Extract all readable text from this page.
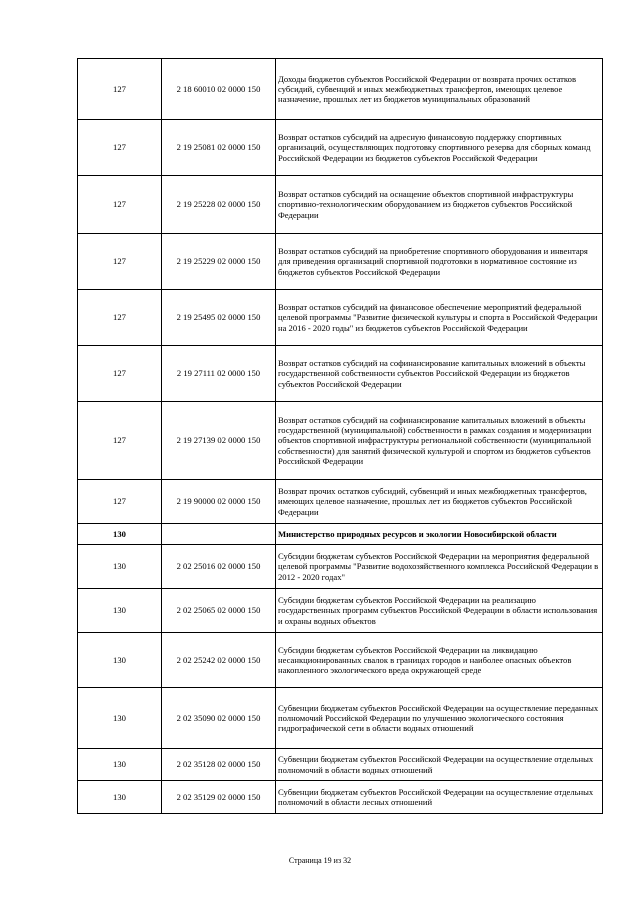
127	2 18 60010 02 0000 150	Доходы бюджетов субъектов Российской Федерации от возврата прочих остатков субсидий, субвенций и иных межбюджетных трансфертов, имеющих целевое назначение, прошлых лет из бюджетов муниципальных образований
127	2 19 25081 02 0000 150	Возврат остатков субсидий на адресную финансовую поддержку спортивных организаций, осуществляющих подготовку спортивного резерва для сборных команд Российской Федерации из бюджетов субъектов Российской Федерации
127	2 19 25228 02 0000 150	Возврат остатков субсидий на оснащение объектов спортивной инфраструктуры спортивно-технологическим оборудованием из бюджетов субъектов Российской Федерации
127	2 19 25229 02 0000 150	Возврат остатков субсидий на приобретение спортивного оборудования и инвентаря для приведения организаций спортивной подготовки в нормативное состояние из бюджетов субъектов Российской Федерации
127	2 19 25495 02 0000 150	Возврат остатков субсидий на финансовое обеспечение мероприятий федеральной целевой программы "Развитие физической культуры и спорта в Российской Федерации на 2016 - 2020 годы" из бюджетов субъектов Российской Федерации
127	2 19 27111 02 0000 150	Возврат остатков субсидий на софинансирование капитальных вложений в объекты государственной собственности субъектов Российской Федерации из бюджетов субъектов Российской Федерации
127	2 19 27139 02 0000 150	Возврат остатков субсидий на софинансирование капитальных вложений в объекты государственной (муниципальной) собственности в рамках создания и модернизации объектов спортивной инфраструктуры региональной собственности (муниципальной собственности) для занятий физической культурой и спортом из бюджетов субъектов Российской Федерации
127	2 19 90000 02 0000 150	Возврат прочих остатков субсидий, субвенций и иных межбюджетных трансфертов, имеющих целевое назначение, прошлых лет из бюджетов субъектов Российской Федерации
130		Министерство природных ресурсов и экологии Новосибирской области
130	2 02 25016 02 0000 150	Субсидии бюджетам субъектов Российской Федерации на мероприятия федеральной целевой программы "Развитие водохозяйственного комплекса Российской Федерации в 2012 - 2020 годах"
130	2 02 25065 02 0000 150	Субсидии бюджетам субъектов Российской Федерации на реализацию государственных программ субъектов Российской Федерации в области использования и охраны водных объектов
130	2 02 25242 02 0000 150	Субсидии бюджетам субъектов Российской Федерации на ликвидацию несанкционированных свалок в границах городов и наиболее опасных объектов накопленного экологического вреда окружающей среде
130	2 02 35090 02 0000 150	Субвенции бюджетам субъектов Российской Федерации на осуществление переданных полномочий Российской Федерации по улучшению экологического состояния гидрографической сети в области водных отношений
130	2 02 35128 02 0000 150	Субвенции бюджетам субъектов Российской Федерации на осуществление отдельных полномочий в области водных отношений
130	2 02 35129 02 0000 150	Субвенции бюджетам субъектов Российской Федерации на осуществление отдельных полномочий в области лесных отношений
Страница 19 из 32
